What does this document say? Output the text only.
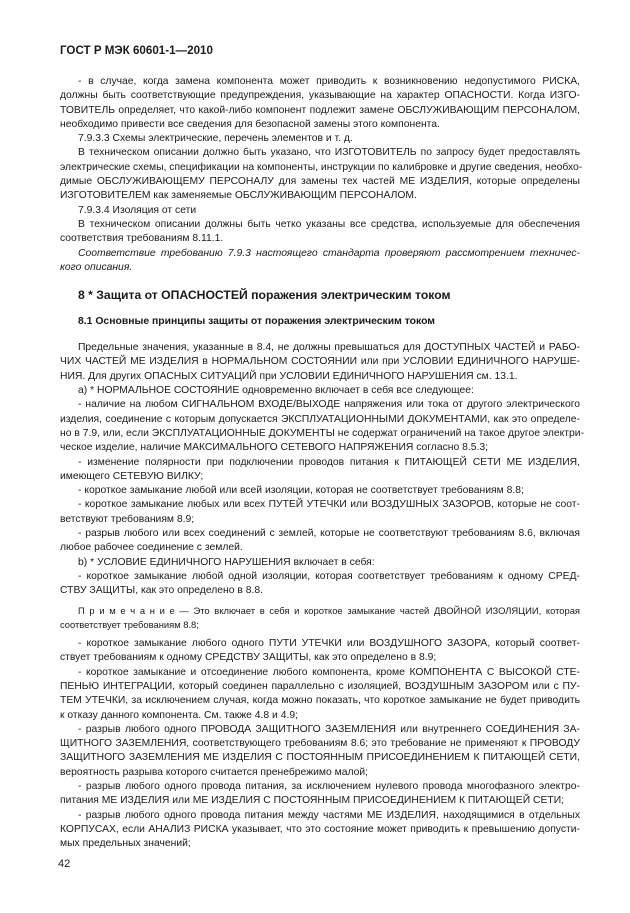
ГОСТ Р МЭК 60601-1—2010
- в случае, когда замена компонента может приводить к возникновению недопустимого РИСКА,
должны быть соответствующие предупреждения, указывающие на характер ОПАСНОСТИ. Когда ИЗГО-
ТОВИТЕЛЬ определяет, что какой-либо компонент подлежит замене ОБСЛУЖИВАЮЩИМ ПЕРСОНАЛОМ,
необходимо привести все сведения для безопасной замены этого компонента.
7.9.3.3 Схемы электрические, перечень элементов и т. д.
В техническом описании должно быть указано, что ИЗГОТОВИТЕЛЬ по запросу будет предоставлять
электрические схемы, спецификации на компоненты, инструкции по калибровке и другие сведения, необхо-
димые ОБСЛУЖИВАЮЩЕМУ ПЕРСОНАЛУ для замены тех частей МЕ ИЗДЕЛИЯ, которые определены
ИЗГОТОВИТЕЛЕМ как заменяемые ОБСЛУЖИВАЮЩИМ ПЕРСОНАЛОМ.
7.9.3.4 Изоляция от сети
В техническом описании должны быть четко указаны все средства, используемые для обеспечения
соответствия требованиям 8.11.1.
Соответствие требованию 7.9.3 настоящего стандарта проверяют рассмотрением техничес-
кого описания.
8 * Защита от ОПАСНОСТЕЙ поражения электрическим током
8.1 Основные принципы защиты от поражения электрическим током
Предельные значения, указанные в 8.4, не должны превышаться для ДОСТУПНЫХ ЧАСТЕЙ и РАБО-
ЧИХ ЧАСТЕЙ МЕ ИЗДЕЛИЯ в НОРМАЛЬНОМ СОСТОЯНИИ или при УСЛОВИИ ЕДИНИЧНОГО НАРУШЕ-
НИЯ. Для других ОПАСНЫХ СИТУАЦИЙ при УСЛОВИИ ЕДИНИЧНОГО НАРУШЕНИЯ см. 13.1.
а) * НОРМАЛЬНОЕ СОСТОЯНИЕ одновременно включает в себя все следующее:
- наличие на любом СИГНАЛЬНОМ ВХОДЕ/ВЫХОДЕ напряжения или тока от другого электрического
изделия, соединение с которым допускается ЭКСПЛУАТАЦИОННЫМИ ДОКУМЕНТАМИ, как это определе-
но в 7.9, или, если ЭКСПЛУАТАЦИОННЫЕ ДОКУМЕНТЫ не содержат ограничений на такое другое электри-
ческое изделие, наличие МАКСИМАЛЬНОГО СЕТЕВОГО НАПРЯЖЕНИЯ согласно 8.5.3;
- изменение полярности при подключении проводов питания к ПИТАЮЩЕЙ СЕТИ МЕ ИЗДЕЛИЯ,
имеющего СЕТЕВУЮ ВИЛКУ;
- короткое замыкание любой или всей изоляции, которая не соответствует требованиям 8.8;
- короткое замыкание любых или всех ПУТЕЙ УТЕЧКИ или ВОЗДУШНЫХ ЗАЗОРОВ, которые не соот-
ветствуют требованиям 8.9;
- разрыв любого или всех соединений с землей, которые не соответствуют требованиям 8.6, включая
любое рабочее соединение с землей.
b) * УСЛОВИЕ ЕДИНИЧНОГО НАРУШЕНИЯ включает в себя:
- короткое замыкание любой одной изоляции, которая соответствует требованиям к одному СРЕД-
СТВУ ЗАЩИТЫ, как это определено в 8.8.
П р и м е ч а н и е — Это включает в себя и короткое замыкание частей ДВОЙНОЙ ИЗОЛЯЦИИ, которая
соответствует требованиям 8.8;
- короткое замыкание любого одного ПУТИ УТЕЧКИ или ВОЗДУШНОГО ЗАЗОРА, который соответ-
ствует требованиям к одному СРЕДСТВУ ЗАЩИТЫ, как это определено в 8.9;
- короткое замыкание и отсоединение любого компонента, кроме КОМПОНЕНТА С ВЫСОКОЙ СТЕ-
ПЕНЬЮ ИНТЕГРАЦИИ, который соединен параллельно с изоляцией, ВОЗДУШНЫМ ЗАЗОРОМ или с ПУ-
ТЕМ УТЕЧКИ, за исключением случая, когда можно показать, что короткое замыкание не будет приводить
к отказу данного компонента. См. также 4.8 и 4.9;
- разрыв любого одного ПРОВОДА ЗАЩИТНОГО ЗАЗЕМЛЕНИЯ или внутреннего СОЕДИНЕНИЯ ЗА-
ЩИТНОГО ЗАЗЕМЛЕНИЯ, соответствующего требованиям 8.6; это требование не применяют к ПРОВОДУ
ЗАЩИТНОГО ЗАЗЕМЛЕНИЯ МЕ ИЗДЕЛИЯ С ПОСТОЯННЫМ ПРИСОЕДИНЕНИЕМ К ПИТАЮЩЕЙ СЕТИ,
вероятность разрыва которого считается пренебрежимо малой;
- разрыв любого одного провода питания, за исключением нулевого провода многофазного электро-
питания МЕ ИЗДЕЛИЯ или МЕ ИЗДЕЛИЯ С ПОСТОЯННЫМ ПРИСОЕДИНЕНИЕМ К ПИТАЮЩЕЙ СЕТИ;
- разрыв любого одного провода питания между частями МЕ ИЗДЕЛИЯ, находящимися в отдельных
КОРПУСАХ, если АНАЛИЗ РИСКА указывает, что это состояние может приводить к превышению допусти-
мых предельных значений;
42
